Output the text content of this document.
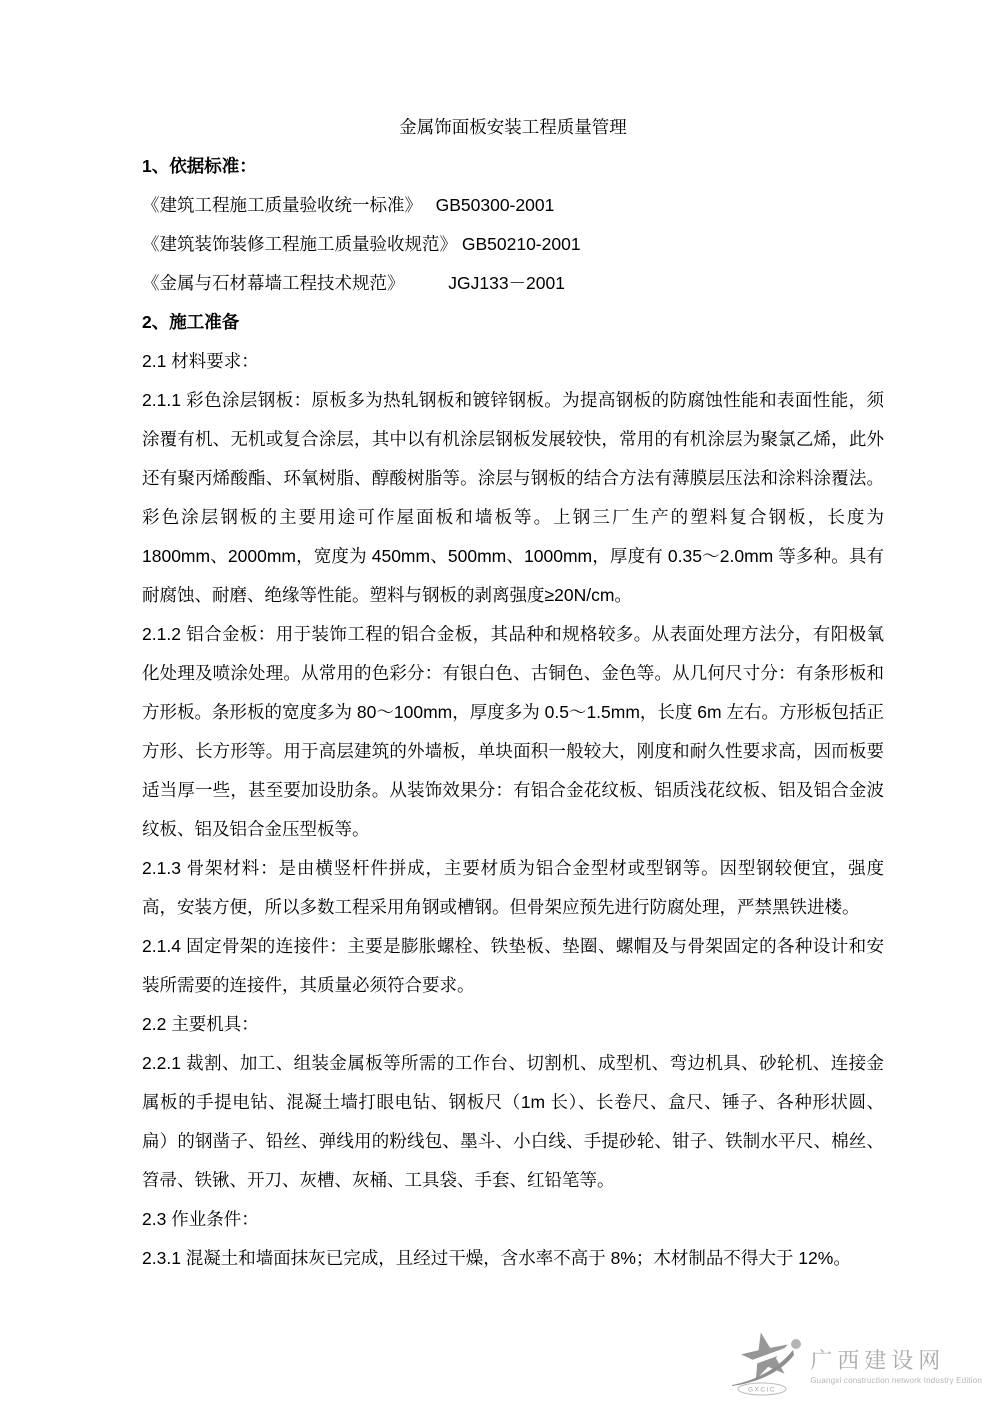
金属饰面板安装工程质量管理

1、依据标准：

《建筑工程施工质量验收统一标准》　 GB50300-2001

《建筑装饰装修工程施工质量验收规范》 GB50210-2001

《金属与石材幕墙工程技术规范》　　　JGJ133－2001

2、施工准备

2.1 材料要求：

2.1.1 彩色涂层钢板：原板多为热轧钢板和镀锌钢板。为提高钢板的防腐蚀性能和表面性能，须涂覆有机、无机或复合涂层，其中以有机涂层钢板发展较快，常用的有机涂层为聚氯乙烯，此外还有聚丙烯酸酯、环氧树脂、醇酸树脂等。涂层与钢板的结合方法有薄膜层压法和涂料涂覆法。彩色涂层钢板的主要用途可作屋面板和墙板等。上钢三厂生产的塑料复合钢板，长度为 1800mm、2000mm，宽度为 450mm、500mm、1000mm，厚度有 0.35～2.0mm 等多种。具有耐腐蚀、耐磨、绝缘等性能。塑料与钢板的剥离强度≥20N/cm。

2.1.2 铝合金板：用于装饰工程的铝合金板，其品种和规格较多。从表面处理方法分，有阳极氧化处理及喷涂处理。从常用的色彩分：有银白色、古铜色、金色等。从几何尺寸分：有条形板和方形板。条形板的宽度多为 80～100mm，厚度多为 0.5～1.5mm，长度 6m 左右。方形板包括正方形、长方形等。用于高层建筑的外墙板，单块面积一般较大，刚度和耐久性要求高，因而板要适当厚一些，甚至要加设肋条。从装饰效果分：有铝合金花纹板、铝质浅花纹板、铝及铝合金波纹板、铝及铝合金压型板等。

2.1.3 骨架材料：是由横竖杆件拼成，主要材质为铝合金型材或型钢等。因型钢较便宜，强度高，安装方便，所以多数工程采用角钢或槽钢。但骨架应预先进行防腐处理，严禁黑铁进楼。

2.1.4 固定骨架的连接件：主要是膨胀螺栓、铁垫板、垫圈、螺帽及与骨架固定的各种设计和安装所需要的连接件，其质量必须符合要求。

2.2 主要机具：

2.2.1 裁割、加工、组装金属板等所需的工作台、切割机、成型机、弯边机具、砂轮机、连接金属板的手提电钻、混凝土墙打眼电钻、钢板尺（1m 长）、长卷尺、盒尺、锤子、各种形状圆、扁）的钢凿子、铅丝、弹线用的粉线包、墨斗、小白线、手提砂轮、钳子、铁制水平尺、棉丝、笤帚、铁锹、开刀、灰槽、灰桶、工具袋、手套、红铅笔等。

2.3 作业条件：

2.3.1 混凝土和墙面抹灰已完成，且经过干燥，含水率不高于 8%；木材制品不得大于 12%。

GXCIC
广西建设网
Guangxi construction network Industry Edition
